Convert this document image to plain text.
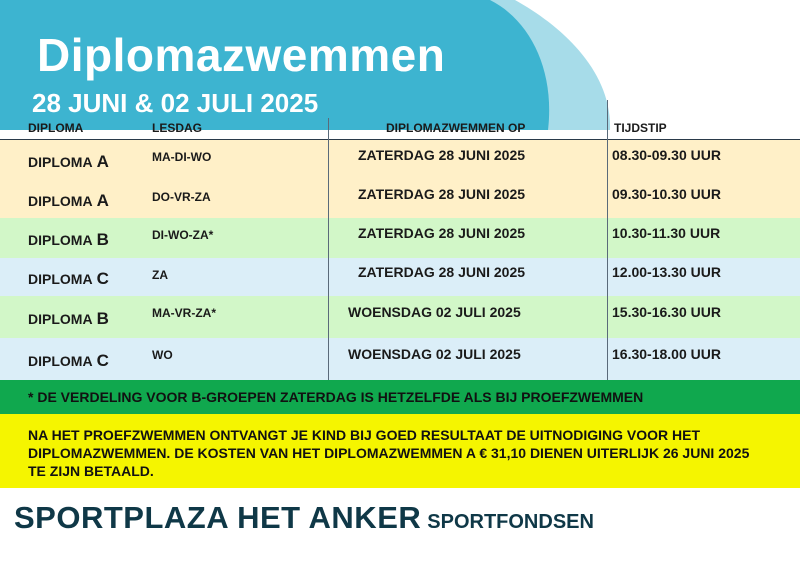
Diplomazwemmen
28 JUNI & 02 JULI 2025
DIPLOMA	LESDAG	DIPLOMAZWEMMEN OP	TIJDSTIP
DIPLOMA A	MA-DI-WO	ZATERDAG 28 JUNI 2025	08.30-09.30 UUR
DIPLOMA A	DO-VR-ZA	ZATERDAG 28 JUNI 2025	09.30-10.30 UUR
DIPLOMA B	DI-WO-ZA*	ZATERDAG 28 JUNI 2025	10.30-11.30 UUR
DIPLOMA C	ZA	ZATERDAG 28 JUNI 2025	12.00-13.30 UUR
DIPLOMA B	MA-VR-ZA*	WOENSDAG 02 JULI 2025	15.30-16.30 UUR
DIPLOMA C	WO	WOENSDAG 02 JULI 2025	16.30-18.00 UUR
* DE VERDELING VOOR B-GROEPEN ZATERDAG IS HETZELFDE ALS BIJ PROEFZWEMMEN

NA HET PROEFZWEMMEN ONTVANGT JE KIND BIJ GOED RESULTAAT DE UITNODIGING VOOR HET DIPLOMAZWEMMEN. DE KOSTEN VAN HET DIPLOMAZWEMMEN A € 31,10 DIENEN UITERLIJK 26 JUNI 2025 TE ZIJN BETAALD.

SPORTPLAZA HET ANKER SPORTFONDSEN
